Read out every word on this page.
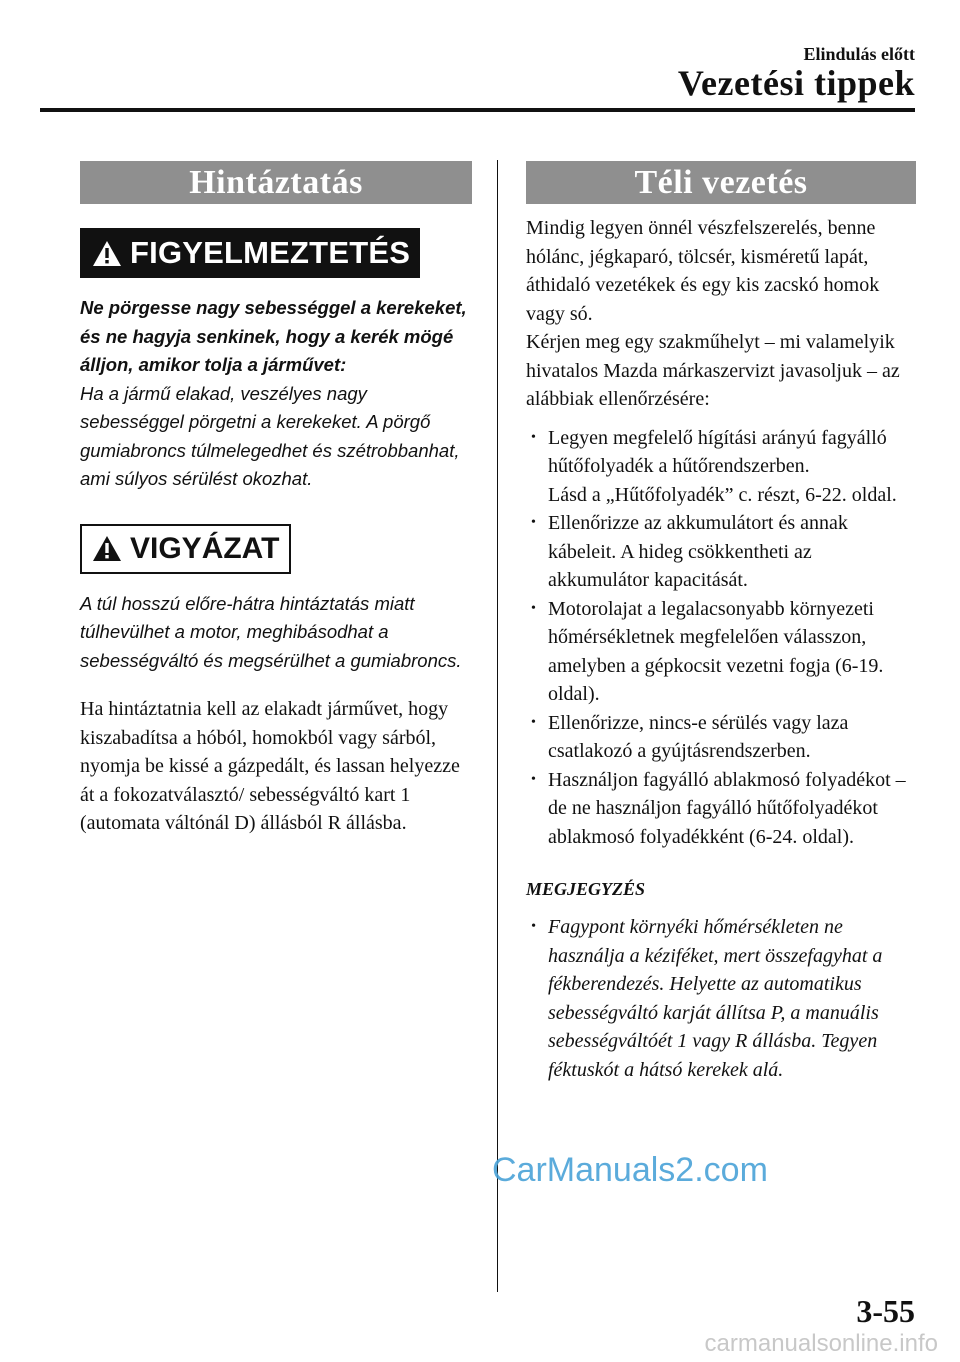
Elindulás előtt
Vezetési tippek
Hintáztatás
FIGYELMEZTETÉS
Ne pörgesse nagy sebességgel a kerekeket, és ne hagyja senkinek, hogy a kerék mögé álljon, amikor tolja a járművet:
Ha a jármű elakad, veszélyes nagy sebességgel pörgetni a kerekeket. A pörgő gumiabroncs túlmelegedhet és szétrobbanhat, ami súlyos sérülést okozhat.
VIGYÁZAT
A túl hosszú előre-hátra hintáztatás miatt túlhevülhet a motor, meghibásodhat a sebességváltó és megsérülhet a gumiabroncs.
Ha hintáztatnia kell az elakadt járművet, hogy kiszabadítsa a hóból, homokból vagy sárból, nyomja be kissé a gázpedált, és lassan helyezze át a fokozatválasztó/ sebességváltó kart 1 (automata váltónál D) állásból R állásba.
Téli vezetés
Mindig legyen önnél vészfelszerelés, benne hólánc, jégkaparó, tölcsér, kisméretű lapát, áthidaló vezetékek és egy kis zacskó homok vagy só.
Kérjen meg egy szakműhelyt – mi valamelyik hivatalos Mazda márkaszervizt javasoljuk – az alábbiak ellenőrzésére:
• Legyen megfelelő hígítási arányú fagyálló hűtőfolyadék a hűtőrendszerben.
Lásd a „Hűtőfolyadék” c. részt, 6-22. oldal.
• Ellenőrizze az akkumulátort és annak kábeleit. A hideg csökkentheti az akkumulátor kapacitását.
• Motorolajat a legalacsonyabb környezeti hőmérsékletnek megfelelően válasszon, amelyben a gépkocsit vezetni fogja (6-19. oldal).
• Ellenőrizze, nincs-e sérülés vagy laza csatlakozó a gyújtásrendszerben.
• Használjon fagyálló ablakmosó folyadékot – de ne használjon fagyálló hűtőfolyadékot ablakmosó folyadékként (6-24. oldal).
MEGJEGYZÉS
• Fagypont környéki hőmérsékleten ne használja a kéziféket, mert összefagyhat a fékberendezés. Helyette az automatikus sebességváltó karját állítsa P, a manuális sebességváltóét 1 vagy R állásba. Tegyen féktuskót a hátsó kerekek alá.
CarManuals2.com
3-55
carmanualsonline.info
